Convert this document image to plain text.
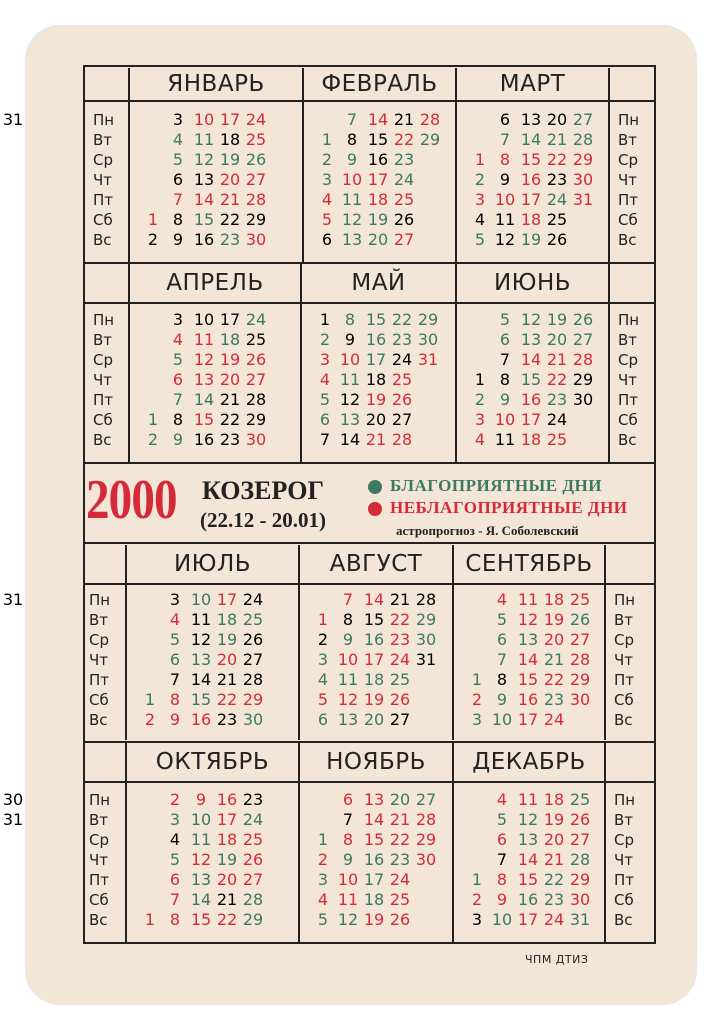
ЯНВАРЬ
1
2
3
4
5
6
7
8
9
10
11
12
13
14
15
16
17
18
19
20
21
22
23
24
25
26
27
28
29
30
31
ФЕВРАЛЬ
1
2
3
4
5
6
7
8
9
10
11
12
13
14
15
16
17
18
19
20
21
22
23
24
25
26
27
28
29
МАРТ
1
2
3
4
5
6
7
8
9
10
11
12
13
14
15
16
17
18
19
20
21
22
23
24
25
26
27
28
29
30
31
АПРЕЛЬ
1
2
3
4
5
6
7
8
9
10
11
12
13
14
15
16
17
18
19
20
21
22
23
24
25
26
27
28
29
30
МАЙ
1
2
3
4
5
6
7
8
9
10
11
12
13
14
15
16
17
18
19
20
21
22
23
24
25
26
27
28
29
30
31
ИЮНЬ
1
2
3
4
5
6
7
8
9
10
11
12
13
14
15
16
17
18
19
20
21
22
23
24
25
26
27
28
29
30
ИЮЛЬ
1
2
3
4
5
6
7
8
9
10
11
12
13
14
15
16
17
18
19
20
21
22
23
24
25
26
27
28
29
30
31
АВГУСТ
1
2
3
4
5
6
7
8
9
10
11
12
13
14
15
16
17
18
19
20
21
22
23
24
25
26
27
28
29
30
31
СЕНТЯБРЬ
1
2
3
4
5
6
7
8
9
10
11
12
13
14
15
16
17
18
19
20
21
22
23
24
25
26
27
28
29
30
ОКТЯБРЬ
1
2
3
4
5
6
7
8
9
10
11
12
13
14
15
16
17
18
19
20
21
22
23
24
25
26
27
28
29
30
31
НОЯБРЬ
1
2
3
4
5
6
7
8
9
10
11
12
13
14
15
16
17
18
19
20
21
22
23
24
25
26
27
28
29
30
ДЕКАБРЬ
1
2
3
4
5
6
7
8
9
10
11
12
13
14
15
16
17
18
19
20
21
22
23
24
25
26
27
28
29
30
31
Пн
Вт
Ср
Чт
Пт
Сб
Вс
Пн
Вт
Ср
Чт
Пт
Сб
Вс
Пн
Вт
Ср
Чт
Пт
Сб
Вс
Пн
Вт
Ср
Чт
Пт
Сб
Вс
Пн
Вт
Ср
Чт
Пт
Сб
Вс
Пн
Вт
Ср
Чт
Пт
Сб
Вс
Пн
Вт
Ср
Чт
Пт
Сб
Вс
Пн
Вт
Ср
Чт
Пт
Сб
Вс
2000 КОЗЕРОГ
(22.12 - 20.01)
БЛАГОПРИЯТНЫЕ ДНИ
НЕБЛАГОПРИЯТНЫЕ ДНИ
астропрогноз - Я. Соболевский
ЧПМ ДТИЗ
